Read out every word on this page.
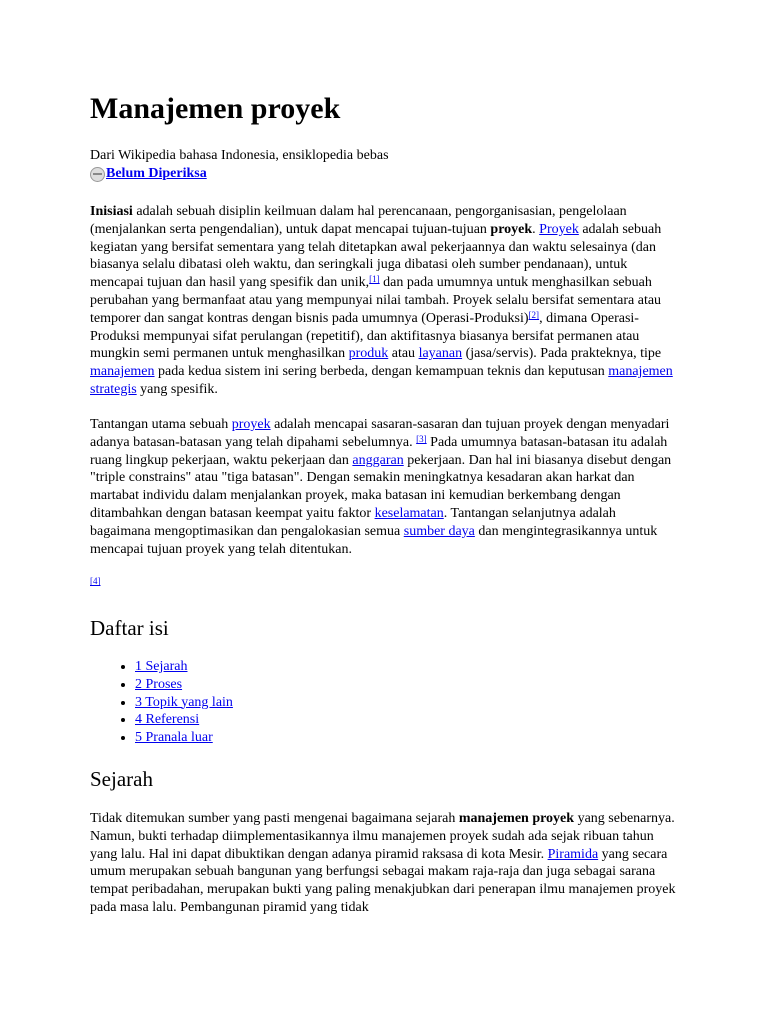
Manajemen proyek
Dari Wikipedia bahasa Indonesia, ensiklopedia bebas
Belum Diperiksa
Inisiasi adalah sebuah disiplin keilmuan dalam hal perencanaan, pengorganisasian, pengelolaan (menjalankan serta pengendalian), untuk dapat mencapai tujuan-tujuan proyek. Proyek adalah sebuah kegiatan yang bersifat sementara yang telah ditetapkan awal pekerjaannya dan waktu selesainya (dan biasanya selalu dibatasi oleh waktu, dan seringkali juga dibatasi oleh sumber pendanaan), untuk mencapai tujuan dan hasil yang spesifik dan unik,[1] dan pada umumnya untuk menghasilkan sebuah perubahan yang bermanfaat atau yang mempunyai nilai tambah. Proyek selalu bersifat sementara atau temporer dan sangat kontras dengan bisnis pada umumnya (Operasi-Produksi)[2], dimana Operasi-Produksi mempunyai sifat perulangan (repetitif), dan aktifitasnya biasanya bersifat permanen atau mungkin semi permanen untuk menghasilkan produk atau layanan (jasa/servis). Pada prakteknya, tipe manajemen pada kedua sistem ini sering berbeda, dengan kemampuan teknis dan keputusan manajemen strategis yang spesifik.
Tantangan utama sebuah proyek adalah mencapai sasaran-sasaran dan tujuan proyek dengan menyadari adanya batasan-batasan yang telah dipahami sebelumnya. [3] Pada umumnya batasan-batasan itu adalah ruang lingkup pekerjaan, waktu pekerjaan dan anggaran pekerjaan. Dan hal ini biasanya disebut dengan "triple constrains" atau "tiga batasan". Dengan semakin meningkatnya kesadaran akan harkat dan martabat individu dalam menjalankan proyek, maka batasan ini kemudian berkembang dengan ditambahkan dengan batasan keempat yaitu faktor keselamatan. Tantangan selanjutnya adalah bagaimana mengoptimasikan dan pengalokasian semua sumber daya dan mengintegrasikannya untuk mencapai tujuan proyek yang telah ditentukan.
[4]
Daftar isi
• 1 Sejarah
• 2 Proses
• 3 Topik yang lain
• 4 Referensi
• 5 Pranala luar
Sejarah
Tidak ditemukan sumber yang pasti mengenai bagaimana sejarah manajemen proyek yang sebenarnya. Namun, bukti terhadap diimplementasikannya ilmu manajemen proyek sudah ada sejak ribuan tahun yang lalu. Hal ini dapat dibuktikan dengan adanya piramid raksasa di kota Mesir. Piramida yang secara umum merupakan sebuah bangunan yang berfungsi sebagai makam raja-raja dan juga sebagai sarana tempat peribadahan, merupakan bukti yang paling menakjubkan dari penerapan ilmu manajemen proyek pada masa lalu. Pembangunan piramid yang tidak
